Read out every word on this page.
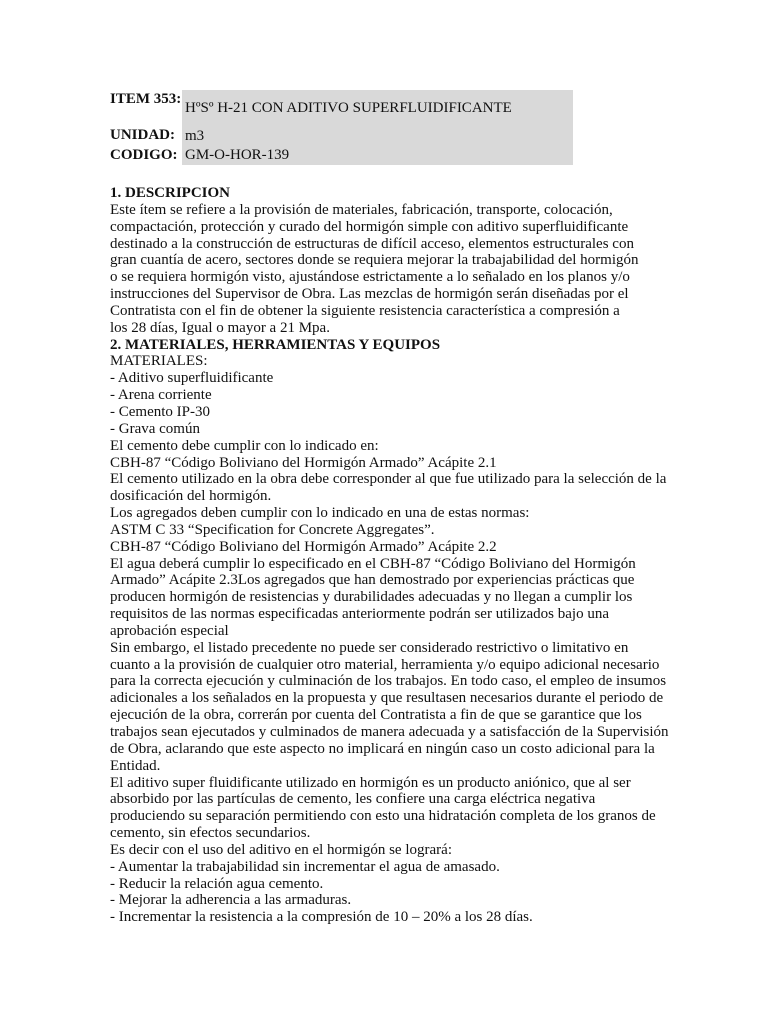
ITEM 353:
HºSº H-21 CON ADITIVO SUPERFLUIDIFICANTE
UNIDAD: m3
CODIGO: GM-O-HOR-139
1. DESCRIPCION
Este ítem se refiere a la provisión de materiales, fabricación, transporte, colocación,
compactación, protección y curado del hormigón simple con aditivo superfluidificante
destinado a la construcción de estructuras de difícil acceso, elementos estructurales con
gran cuantía de acero, sectores donde se requiera mejorar la trabajabilidad del hormigón
o se requiera hormigón visto, ajustándose estrictamente a lo señalado en los planos y/o
instrucciones del Supervisor de Obra. Las mezclas de hormigón serán diseñadas por el
Contratista con el fin de obtener la siguiente resistencia característica a compresión a
los 28 días, Igual o mayor a 21 Mpa.
2. MATERIALES, HERRAMIENTAS Y EQUIPOS
MATERIALES:
- Aditivo superfluidificante
- Arena corriente
- Cemento IP-30
- Grava común
El cemento debe cumplir con lo indicado en:
CBH-87 “Código Boliviano del Hormigón Armado” Acápite 2.1
El cemento utilizado en la obra debe corresponder al que fue utilizado para la selección de la
dosificación del hormigón.
Los agregados deben cumplir con lo indicado en una de estas normas:
ASTM C 33 “Specification for Concrete Aggregates”.
CBH-87 “Código Boliviano del Hormigón Armado” Acápite 2.2
El agua deberá cumplir lo especificado en el CBH-87 “Código Boliviano del Hormigón
Armado” Acápite 2.3Los agregados que han demostrado por experiencias prácticas que
producen hormigón de resistencias y durabilidades adecuadas y no llegan a cumplir los
requisitos de las normas especificadas anteriormente podrán ser utilizados bajo una
aprobación especial
Sin embargo, el listado precedente no puede ser considerado restrictivo o limitativo en
cuanto a la provisión de cualquier otro material, herramienta y/o equipo adicional necesario
para la correcta ejecución y culminación de los trabajos. En todo caso, el empleo de insumos
adicionales a los señalados en la propuesta y que resultasen necesarios durante el periodo de
ejecución de la obra, correrán por cuenta del Contratista a fin de que se garantice que los
trabajos sean ejecutados y culminados de manera adecuada y a satisfacción de la Supervisión
de Obra, aclarando que este aspecto no implicará en ningún caso un costo adicional para la
Entidad.
El aditivo super fluidificante utilizado en hormigón es un producto aniónico, que al ser
absorbido por las partículas de cemento, les confiere una carga eléctrica negativa
produciendo su separación permitiendo con esto una hidratación completa de los granos de
cemento, sin efectos secundarios.
Es decir con el uso del aditivo en el hormigón se logrará:
- Aumentar la trabajabilidad sin incrementar el agua de amasado.
- Reducir la relación agua cemento.
- Mejorar la adherencia a las armaduras.
- Incrementar la resistencia a la compresión de 10 – 20% a los 28 días.
